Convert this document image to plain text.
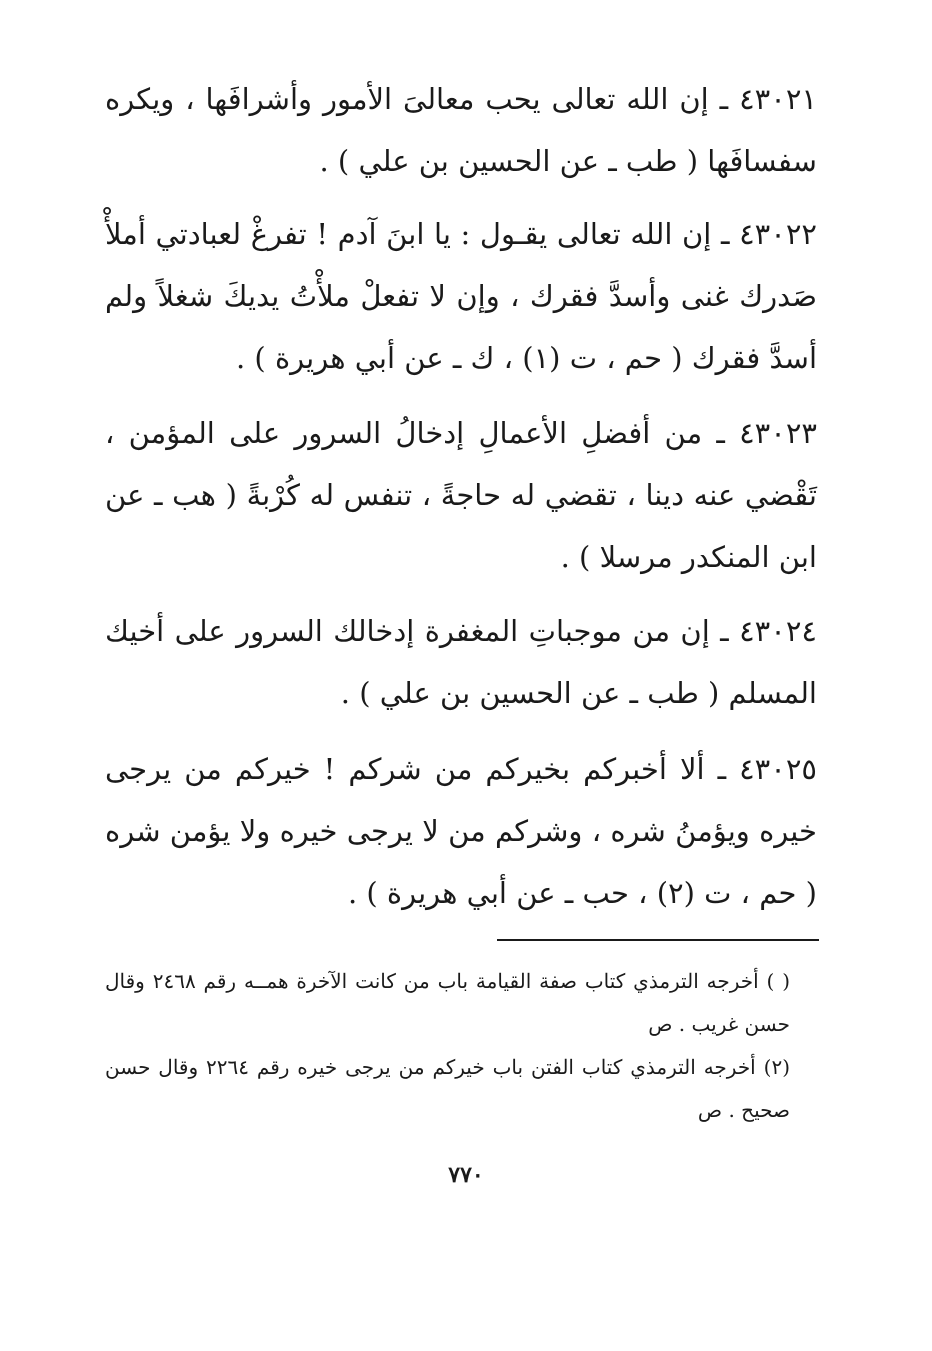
٤٣٠٢١ ـ إن الله تعالى يحب معالىَ الأمور وأشرافَها ، ويكره سفسافَها ( طب ـ عن الحسين بن علي ) .

٤٣٠٢٢ ـ إن الله تعالى يقـول : يا ابنَ آدم ! تفرغْ لعبادتي أملأْ صَدرك غنى وأسدَّ فقرك ، وإن لا تفعلْ ملأْتُ يديكَ شغلاً ولم أسدَّ فقرك ( حم ، ت (١) ، ك ـ عن أبي هريرة ) .

٤٣٠٢٣ ـ من أفضلِ الأعمالِ إدخالُ السرور على المؤمن ، تَقْضي عنه دينا ، تقضي له حاجةً ، تنفس له كُرْبةً ( هب ـ عن ابن المنكدر مرسلا ) .

٤٣٠٢٤ ـ إن من موجباتِ المغفرة إدخالك السرور على أخيك المسلم ( طب ـ عن الحسين بن علي ) .

٤٣٠٢٥ ـ ألا أخبركم بخيركم من شركم ! خيركم من يرجى خيره ويؤمنُ شره ، وشركم من لا يرجى خيره ولا يؤمن شره ( حم ، ت (٢) ، حب ـ عن أبي هريرة ) .

( ) أخرجه الترمذي كتاب صفة القيامة باب من كانت الآخرة همــه رقم ٢٤٦٨ وقال حسن غريب . ص
(٢) أخرجه الترمذي كتاب الفتن باب خيركم من يرجى خيره رقم ٢٢٦٤ وقال حسن صحيح . ص
٧٧٠
